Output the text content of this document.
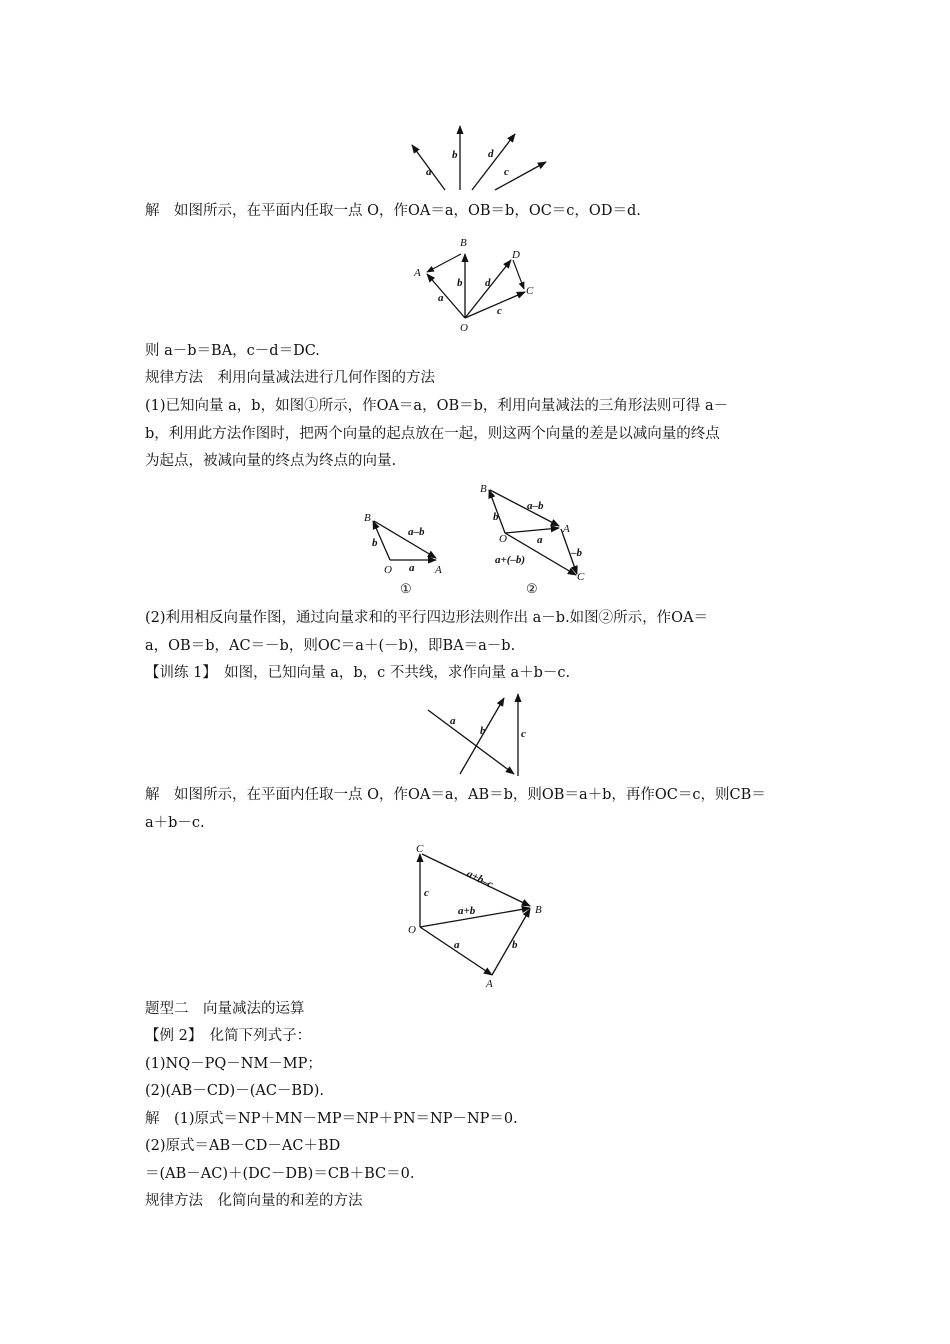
a
b	d
c
解　如图所示，在平面内任取一点 O，作OA＝a，OB＝b，OC＝c，OD＝d.
B
A
D
C
O
a
b d
c
则 a－b＝BA，c－d＝DC.
规律方法　利用向量减法进行几何作图的方法
(1)已知向量 a，b，如图①所示，作OA＝a，OB＝b，利用向量减法的三角形法则可得 a－
b，利用此方法作图时，把两个向量的起点放在一起，则这两个向量的差是以减向量的终点
为起点，被减向量的终点为终点的向量.
B
O	A
a–b
b
a
①
B
O
A
C
a–b
b
a
–b
a+(–b)
②
(2)利用相反向量作图，通过向量求和的平行四边形法则作出 a－b.如图②所示，作OA＝
a，OB＝b，AC＝－b，则OC＝a＋(－b)，即BA＝a－b.
【训练 1】　如图，已知向量 a，b，c 不共线，求作向量 a＋b－c.
a
b	c
解　如图所示，在平面内任取一点 O，作OA＝a，AB＝b，则OB＝a＋b，再作OC＝c，则CB＝
a＋b－c.
C
O
B
A
c
a+b–c
a+b
a	b
题型二　向量减法的运算
【例 2】　化简下列式子：
(1)NQ－PQ－NM－MP；
(2)(AB－CD)－(AC－BD).
解　(1)原式＝NP＋MN－MP＝NP＋PN＝NP－NP＝0.
(2)原式＝AB－CD－AC＋BD
＝(AB－AC)＋(DC－DB)＝CB＋BC＝0.
规律方法　化简向量的和差的方法
